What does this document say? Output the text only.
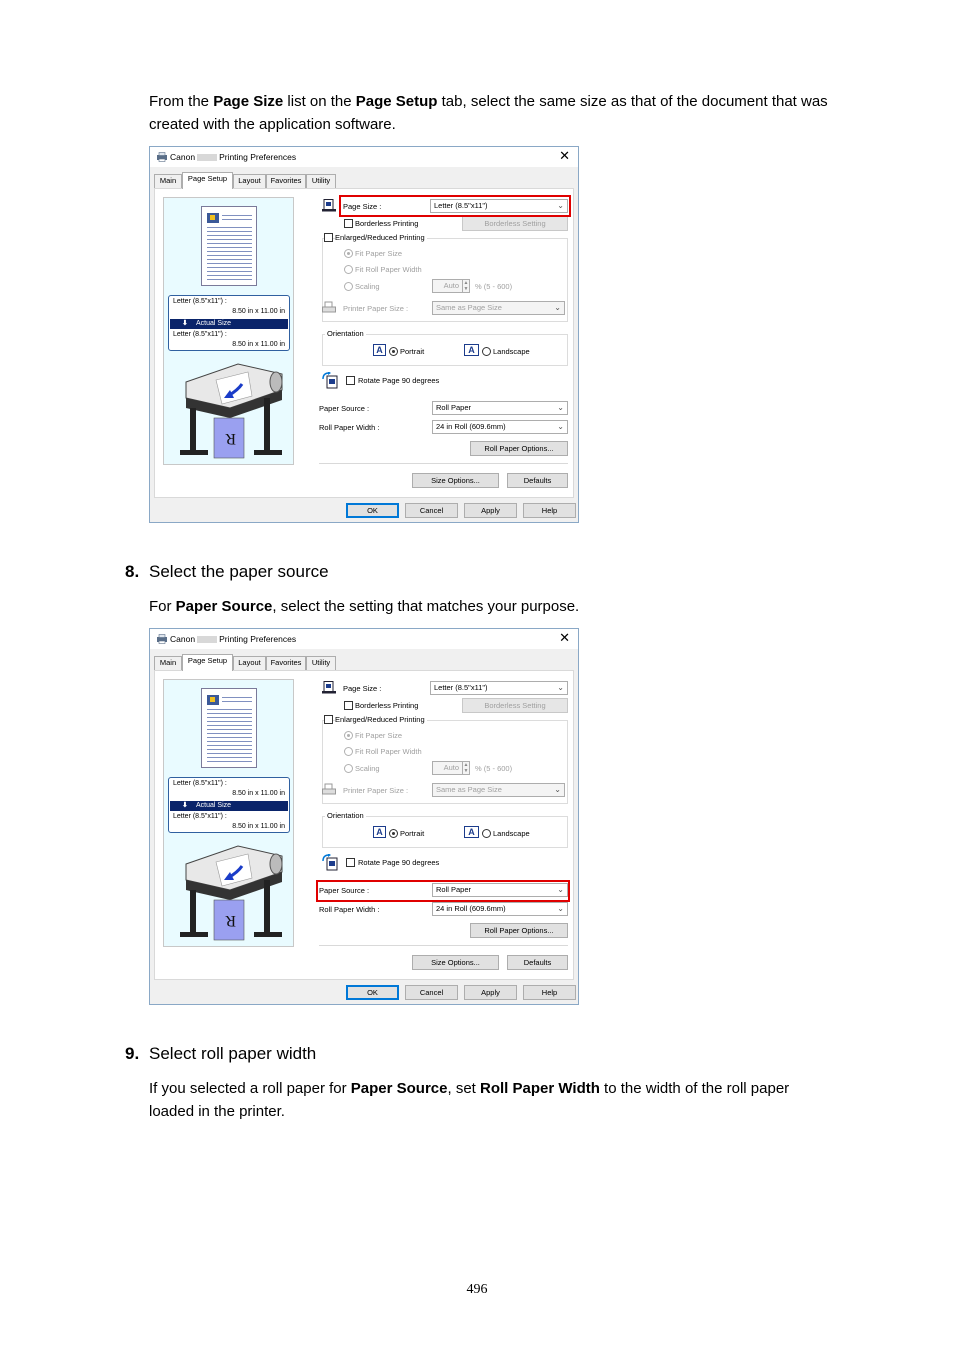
From the Page Size list on the Page Setup tab, select the same size as that of the document that was
created with the application software.
Canon	Printing Preferences	✕
Main	Page Setup	Layout	Favorites	Utility
Letter (8.5"x11") :
8.50 in x 11.00 in
⬇ Actual Size
Letter (8.5"x11") :
8.50 in x 11.00 in
R
Page Size :	Letter (8.5"x11")	⌄
Borderless Printing	Borderless Setting
Enlarged/Reduced Printing
Fit Paper Size
Fit Roll Paper Width
Scaling	Auto ▲
▼ % (5 - 600)
Printer Paper Size :	Same as Page Size	⌄
Orientation
A	Portrait	A	Landscape
Rotate Page 90 degrees
Paper Source :	Roll Paper	⌄
Roll Paper Width :	24 in Roll (609.6mm)	⌄
Roll Paper Options...
Size Options...	Defaults
OK	Cancel	Apply	Help
8. Select the paper source
For Paper Source, select the setting that matches your purpose.
Canon	Printing Preferences	✕
Main	Page Setup	Layout	Favorites	Utility
Letter (8.5"x11") :
8.50 in x 11.00 in
⬇ Actual Size
Letter (8.5"x11") :
8.50 in x 11.00 in
R
Page Size :	Letter (8.5"x11")	⌄
Borderless Printing	Borderless Setting
Enlarged/Reduced Printing
Fit Paper Size
Fit Roll Paper Width
Scaling	Auto ▲
▼ % (5 - 600)
Printer Paper Size :	Same as Page Size	⌄
Orientation
A	Portrait	A	Landscape
Rotate Page 90 degrees
Paper Source :	Roll Paper	⌄
Roll Paper Width :	24 in Roll (609.6mm)	⌄
Roll Paper Options...
Size Options...	Defaults
OK	Cancel	Apply	Help
9. Select roll paper width
If you selected a roll paper for Paper Source, set Roll Paper Width to the width of the roll paper
loaded in the printer.
496
